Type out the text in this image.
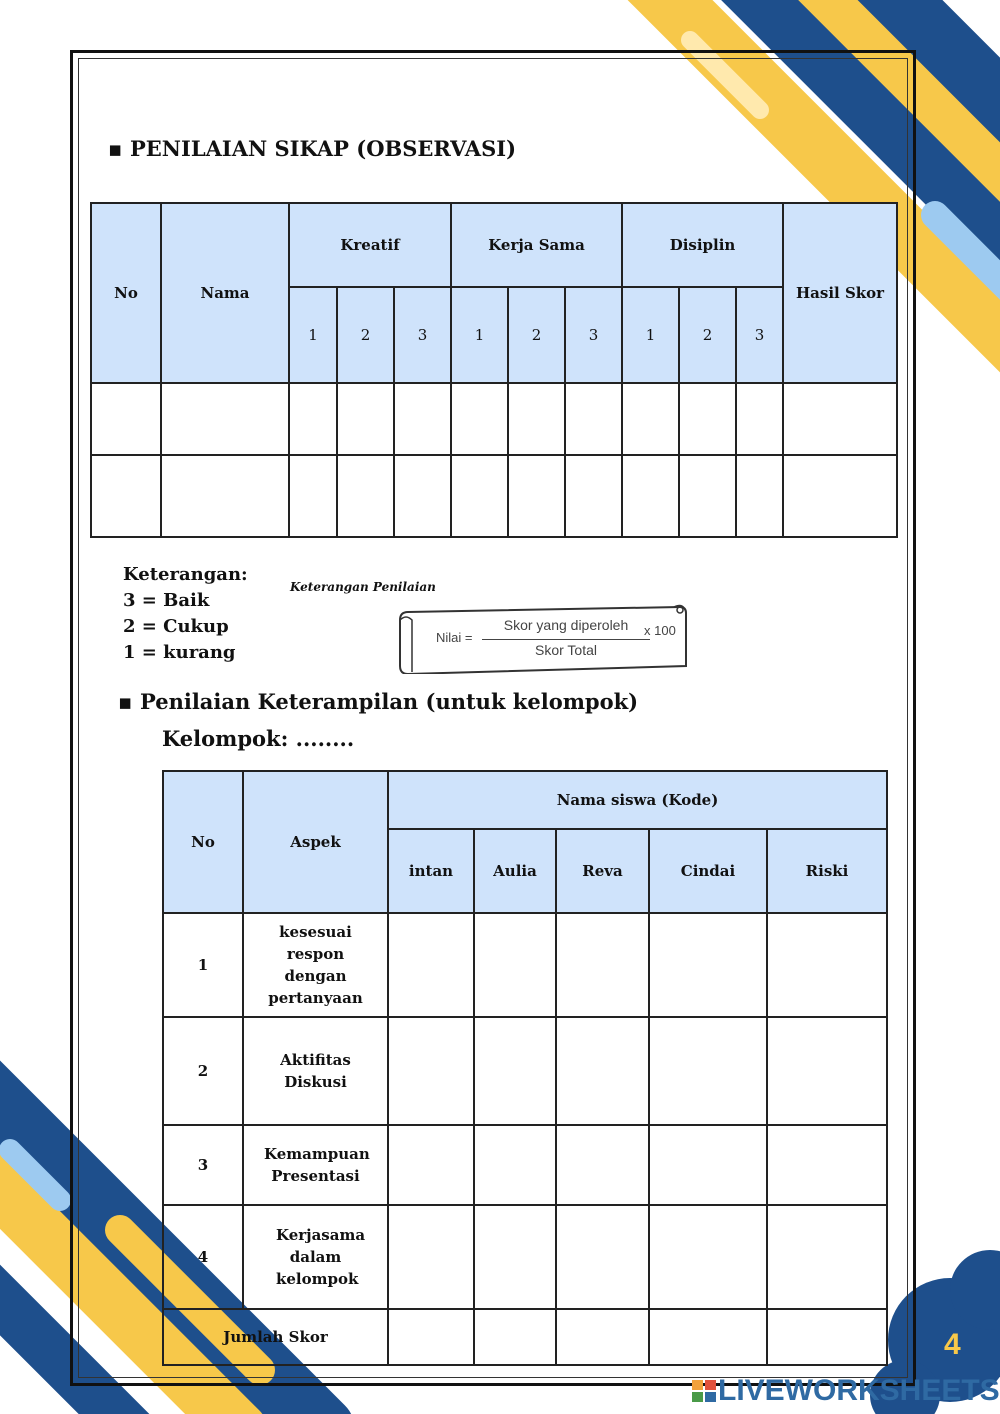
▪ PENILAIAN SIKAP (OBSERVASI)
No	Nama	Kreatif			Kerja Sama			Disiplin			Hasil Skor
		1	2	3	1	2	3	1	2	3	

Keterangan:
3 = Baik
2 = Cukup
1 = kurang
Keterangan Penilaian
Nilai =
Skor yang diperoleh
Skor Total
x 100
▪ Penilaian Keterampilan (untuk kelompok)
Kelompok: ........
No	Aspek	Nama siswa (Kode)				
		intan	Aulia	Reva	Cindai	Riski
1	kesesuai respon dengan pertanyaan					
2	Aktifitas Diskusi					
3	Kemampuan Presentasi					
4	Kerjasama dalam kelompok					
Jumlah Skor							4
LIVEWORKSHEETS
